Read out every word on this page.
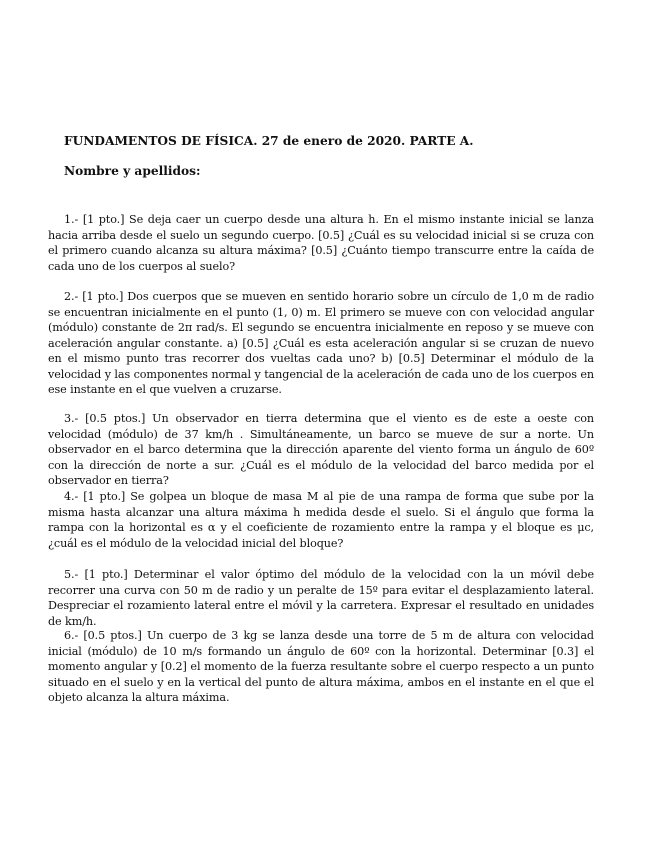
FUNDAMENTOS DE FÍSICA. 27 de enero de 2020. PARTE A.
Nombre y apellidos:
1.- [1 pto.] Se deja caer un cuerpo desde una altura h. En el mismo instante inicial se lanza hacia arriba desde el suelo un segundo cuerpo. [0.5] ¿Cuál es su velocidad inicial si se cruza con el primero cuando alcanza su altura máxima? [0.5] ¿Cuánto tiempo transcurre entre la caída de cada uno de los cuerpos al suelo?
2.- [1 pto.] Dos cuerpos que se mueven en sentido horario sobre un círculo de 1,0 m de radio se encuentran inicialmente en el punto (1, 0) m. El primero se mueve con con velocidad angular (módulo) constante de 2π rad/s. El segundo se encuentra inicialmente en reposo y se mueve con aceleración angular constante. a) [0.5] ¿Cuál es esta aceleración angular si se cruzan de nuevo en el mismo punto tras recorrer dos vueltas cada uno? b) [0.5] Determinar el módulo de la velocidad y las componentes normal y tangencial de la aceleración de cada uno de los cuerpos en ese instante en el que vuelven a cruzarse.
3.- [0.5 ptos.] Un observador en tierra determina que el viento es de este a oeste con velocidad (módulo) de 37 km/h . Simultáneamente, un barco se mueve de sur a norte. Un observador en el barco determina que la dirección aparente del viento forma un ángulo de 60º con la dirección de norte a sur. ¿Cuál es el módulo de la velocidad del barco medida por el observador en tierra?
4.- [1 pto.] Se golpea un bloque de masa M al pie de una rampa de forma que sube por la misma hasta alcanzar una altura máxima h medida desde el suelo. Si el ángulo que forma la rampa con la horizontal es α y el coeficiente de rozamiento entre la rampa y el bloque es μc, ¿cuál es el módulo de la velocidad inicial del bloque?
5.- [1 pto.] Determinar el valor óptimo del módulo de la velocidad con la un móvil debe recorrer una curva con 50 m de radio y un peralte de 15º para evitar el desplazamiento lateral. Despreciar el rozamiento lateral entre el móvil y la carretera. Expresar el resultado en unidades de km/h.
6.- [0.5 ptos.] Un cuerpo de 3 kg se lanza desde una torre de 5 m de altura con velocidad inicial (módulo) de 10 m/s formando un ángulo de 60º con la horizontal. Determinar [0.3] el momento angular y [0.2] el momento de la fuerza resultante sobre el cuerpo respecto a un punto situado en el suelo y en la vertical del punto de altura máxima, ambos en el instante en el que el objeto alcanza la altura máxima.
